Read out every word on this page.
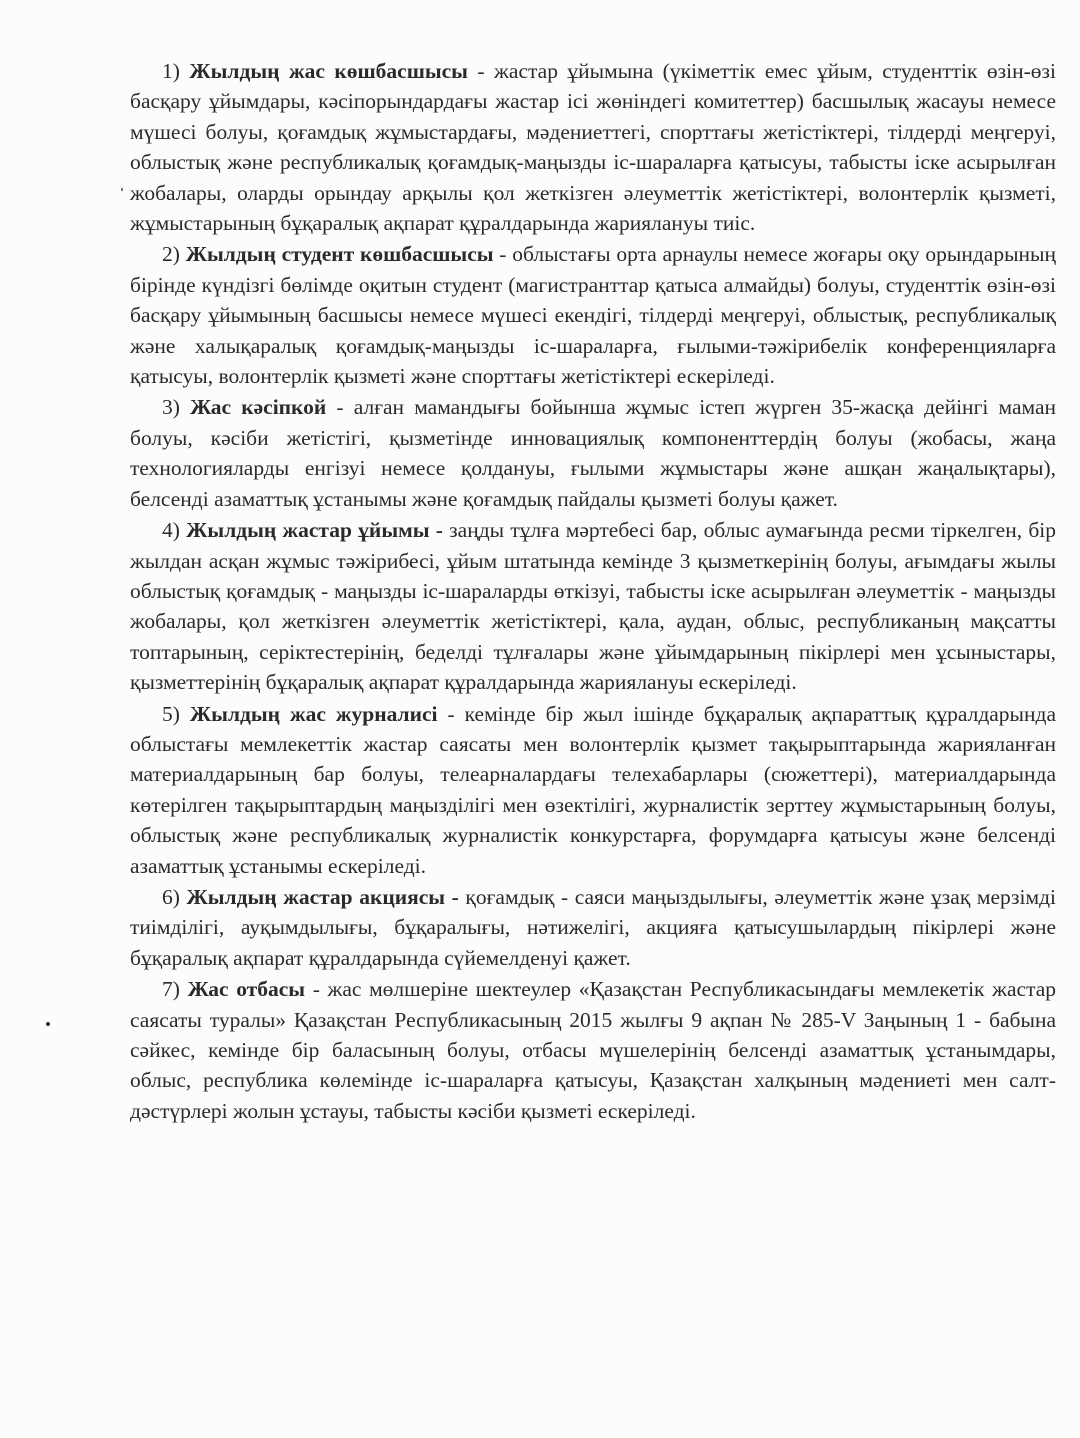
1) Жылдың жас көшбасшысы - жастар ұйымына (үкіметтік емес ұйым, студенттік өзін-өзі басқару ұйымдары, кәсіпорындардағы жастар ісі жөніндегі комитеттер) басшылық жасауы немесе мүшесі болуы, қоғамдық жұмыстардағы, мәдениеттегі, спорттағы жетістіктері, тілдерді меңгеруі, облыстық және республикалық қоғамдық-маңызды іс-шараларға қатысуы, табысты іске асырылған жобалары, оларды орындау арқылы қол жеткізген әлеуметтік жетістіктері, волонтерлік қызметі, жұмыстарының бұқаралық ақпарат құралдарында жариялануы тиіс.

2) Жылдың студент көшбасшысы - облыстағы орта арнаулы немесе жоғары оқу орындарының бірінде күндізгі бөлімде оқитын студент (магистранттар қатыса алмайды) болуы, студенттік өзін-өзі басқару ұйымының басшысы немесе мүшесі екендігі, тілдерді меңгеруі, облыстық, республикалық және халықаралық қоғамдық-маңызды іс-шараларға, ғылыми-тәжірибелік конференцияларға қатысуы, волонтерлік қызметі және спорттағы жетістіктері ескеріледі.

3) Жас кәсіпкой - алған мамандығы бойынша жұмыс істеп жүрген 35-жасқа дейінгі маман болуы, кәсіби жетістігі, қызметінде инновациялық компоненттердің болуы (жобасы, жаңа технологияларды енгізуі немесе қолдануы, ғылыми жұмыстары және ашқан жаңалықтары), белсенді азаматтық ұстанымы және қоғамдық пайдалы қызметі болуы қажет.

4) Жылдың жастар ұйымы - заңды тұлға мәртебесі бар, облыс аумағында ресми тіркелген, бір жылдан асқан жұмыс тәжірибесі, ұйым штатында кемінде 3 қызметкерінің болуы, ағымдағы жылы облыстық қоғамдық - маңызды іс-шараларды өткізуі, табысты іске асырылған әлеуметтік - маңызды жобалары, қол жеткізген әлеуметтік жетістіктері, қала, аудан, облыс, республиканың мақсатты топтарының, серіктестерінің, беделді тұлғалары және ұйымдарының пікірлері мен ұсыныстары, қызметтерінің бұқаралық ақпарат құралдарында жариялануы ескеріледі.

5) Жылдың жас журналисі - кемінде бір жыл ішінде бұқаралық ақпараттық құралдарында облыстағы мемлекеттік жастар саясаты мен волонтерлік қызмет тақырыптарында жарияланған материалдарының бар болуы, телеарналардағы телехабарлары (сюжеттері), материалдарында көтерілген тақырыптардың маңызділігі мен өзектілігі, журналистік зерттеу жұмыстарының болуы, облыстық және республикалық журналистік конкурстарға, форумдарға қатысуы және белсенді азаматтық ұстанымы ескеріледі.

6) Жылдың жастар акциясы - қоғамдық - саяси маңыздылығы, әлеуметтік және ұзақ мерзімді тиімділігі, ауқымдылығы, бұқаралығы, нәтижелігі, акцияға қатысушылардың пікірлері және бұқаралық ақпарат құралдарында сүйемелденуі қажет.

7) Жас отбасы - жас мөлшеріне шектеулер «Қазақстан Республикасындағы мемлекетік жастар саясаты туралы» Қазақстан Республикасының 2015 жылғы 9 ақпан № 285-V Заңының 1 - бабына сәйкес, кемінде бір баласының болуы, отбасы мүшелерінің белсенді азаматтық ұстанымдары, облыс, республика көлемінде іс-шараларға қатысуы, Қазақстан халқының мәдениеті мен салт-дәстүрлері жолын ұстауы, табысты кәсіби қызметі ескеріледі.
